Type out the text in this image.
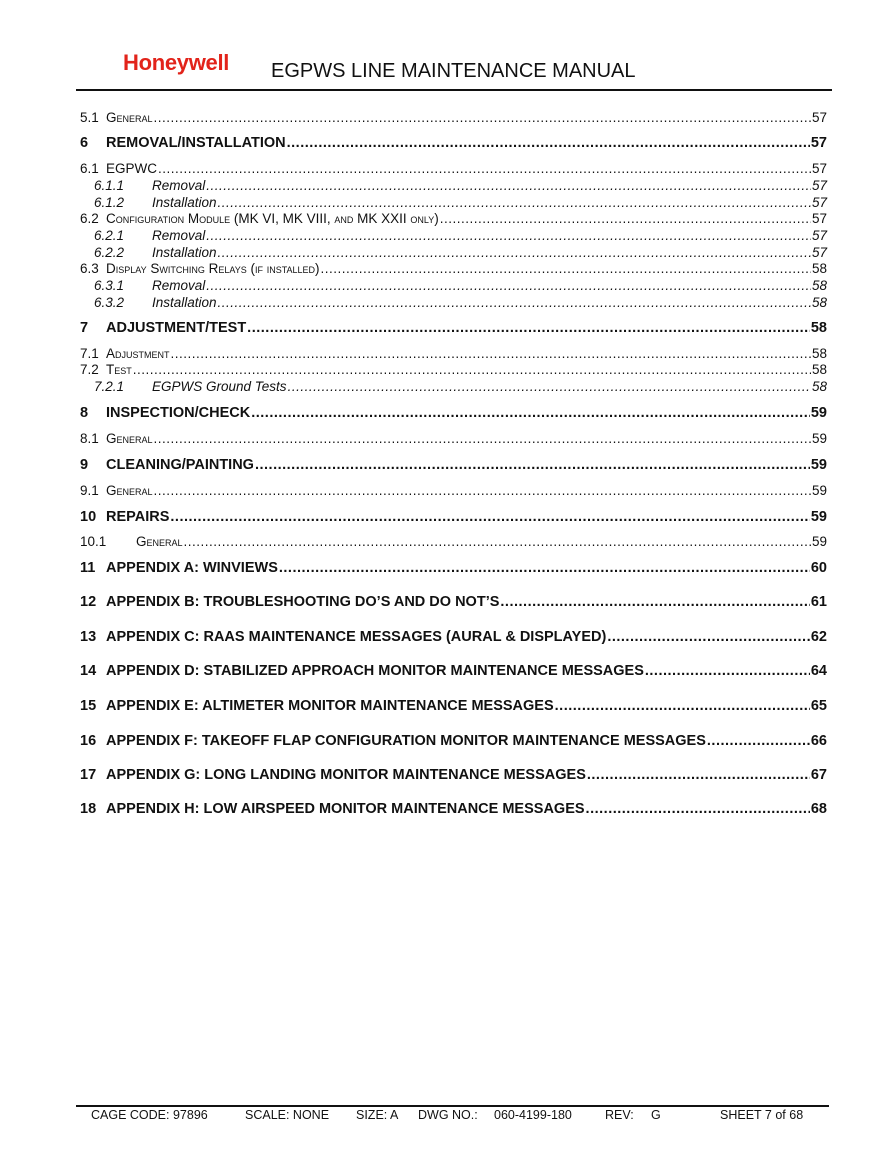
Honeywell EGPWS LINE MAINTENANCE MANUAL
5.1 General .....	57
6	REMOVAL/INSTALLATION .....	57
6.1 EGPWC .....	57
6.1.1	Removal .....	57
6.1.2	Installation .....	57
6.2 Configuration Module (MK VI, MK VIII, and MK XXII only) .....	57
6.2.1	Removal .....	57
6.2.2	Installation .....	57
6.3 Display Switching Relays (if installed) .....	58
6.3.1	Removal .....	58
6.3.2	Installation .....	58
7	ADJUSTMENT/TEST .....	58
7.1 Adjustment .....	58
7.2 Test .....	58
7.2.1	EGPWS Ground Tests .....	58
8	INSPECTION/CHECK .....	59
8.1 General .....	59
9	CLEANING/PAINTING .....	59
9.1 General .....	59
10 REPAIRS .....	59
10.1	General .....	59
11 APPENDIX A: WINVIEWS .....	60
12 APPENDIX B: TROUBLESHOOTING DO’S AND DO NOT’S .....	61
13 APPENDIX C: RAAS MAINTENANCE MESSAGES (AURAL & DISPLAYED) .....	62
14 APPENDIX D: STABILIZED APPROACH MONITOR MAINTENANCE MESSAGES .....	64
15 APPENDIX E: ALTIMETER MONITOR MAINTENANCE MESSAGES .....	65
16 APPENDIX F: TAKEOFF FLAP CONFIGURATION MONITOR MAINTENANCE MESSAGES .....	66
17 APPENDIX G: LONG LANDING MONITOR MAINTENANCE MESSAGES .....	67
18 APPENDIX H: LOW AIRSPEED MONITOR MAINTENANCE MESSAGES .....	68
CAGE CODE: 97896	SCALE: NONE SIZE: A DWG NO.: 060-4199-180	REV: G	SHEET 7 of 68
